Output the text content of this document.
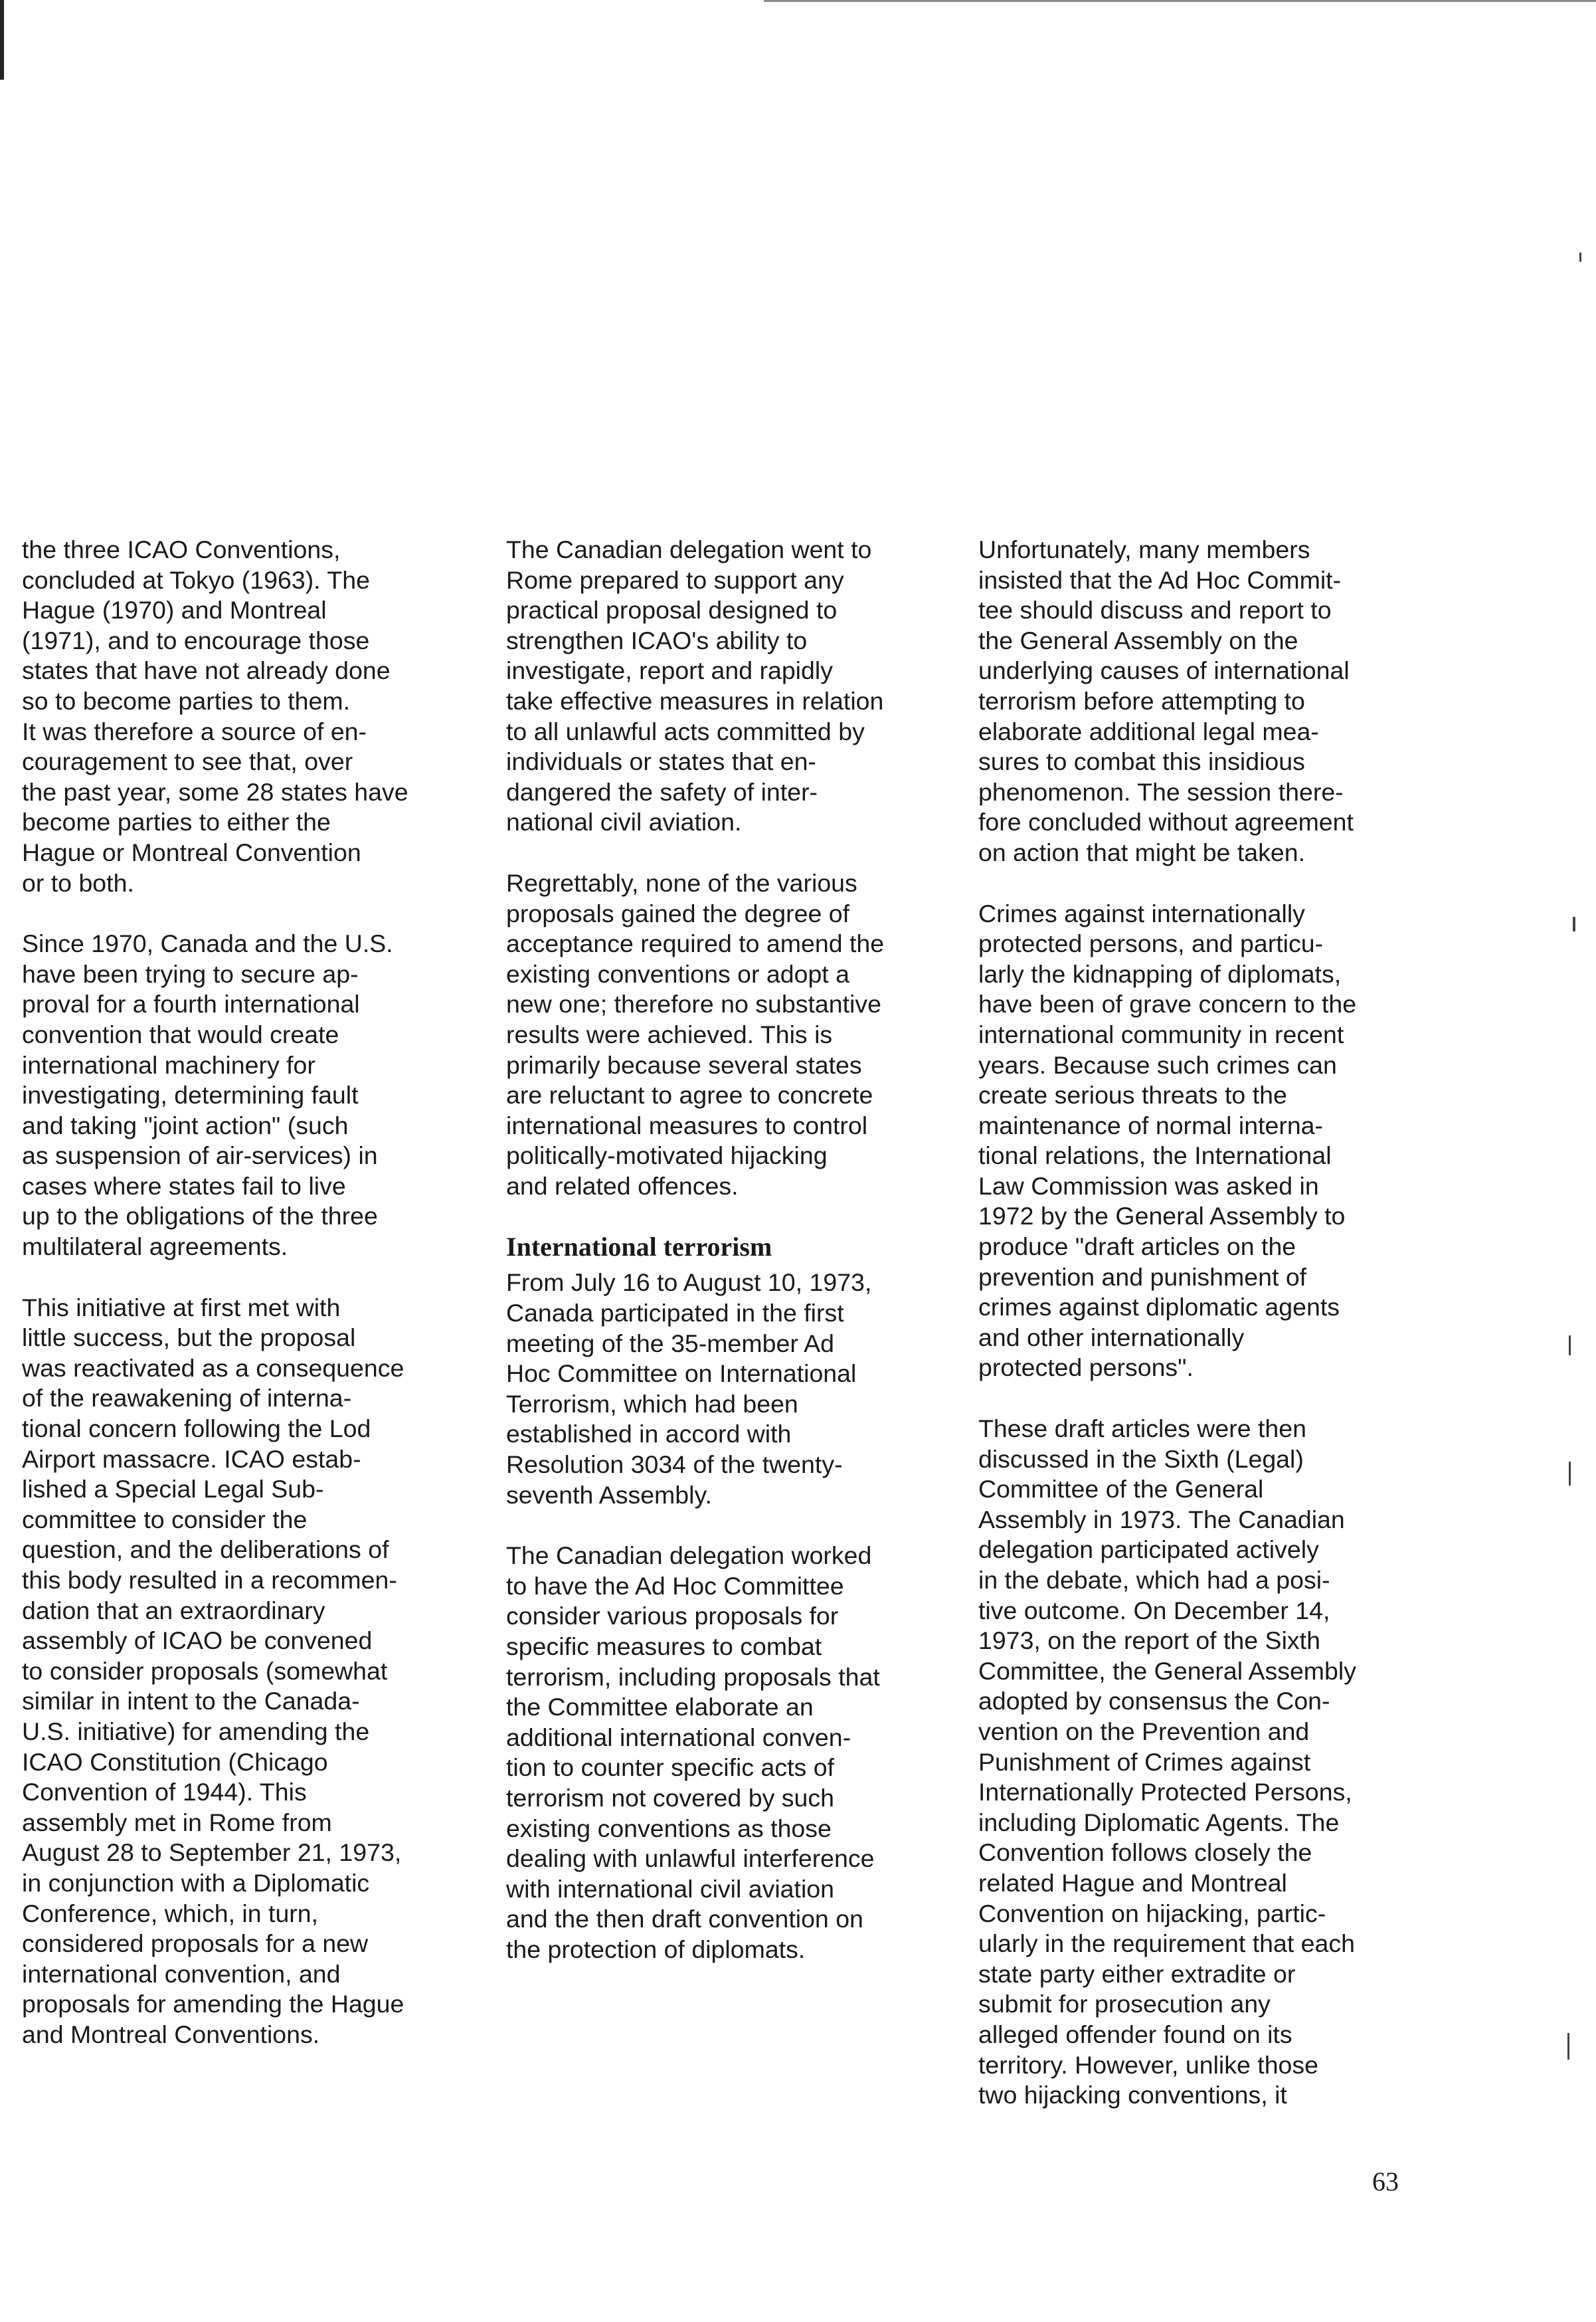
the three ICAO Conventions,
concluded at Tokyo (1963). The
Hague (1970) and Montreal
(1971), and to encourage those
states that have not already done
so to become parties to them.
It was therefore a source of en-
couragement to see that, over
the past year, some 28 states have
become parties to either the
Hague or Montreal Convention
or to both.

Since 1970, Canada and the U.S.
have been trying to secure ap-
proval for a fourth international
convention that would create
international machinery for
investigating, determining fault
and taking "joint action" (such
as suspension of air-services) in
cases where states fail to live
up to the obligations of the three
multilateral agreements.

This initiative at first met with
little success, but the proposal
was reactivated as a consequence
of the reawakening of interna-
tional concern following the Lod
Airport massacre. ICAO estab-
lished a Special Legal Sub-
committee to consider the
question, and the deliberations of
this body resulted in a recommen-
dation that an extraordinary
assembly of ICAO be convened
to consider proposals (somewhat
similar in intent to the Canada-
U.S. initiative) for amending the
ICAO Constitution (Chicago
Convention of 1944). This
assembly met in Rome from
August 28 to September 21, 1973,
in conjunction with a Diplomatic
Conference, which, in turn,
considered proposals for a new
international convention, and
proposals for amending the Hague
and Montreal Conventions.

The Canadian delegation went to
Rome prepared to support any
practical proposal designed to
strengthen ICAO's ability to
investigate, report and rapidly
take effective measures in relation
to all unlawful acts committed by
individuals or states that en-
dangered the safety of inter-
national civil aviation.

Regrettably, none of the various
proposals gained the degree of
acceptance required to amend the
existing conventions or adopt a
new one; therefore no substantive
results were achieved. This is
primarily because several states
are reluctant to agree to concrete
international measures to control
politically-motivated hijacking
and related offences.

International terrorism

From July 16 to August 10, 1973,
Canada participated in the first
meeting of the 35-member Ad
Hoc Committee on International
Terrorism, which had been
established in accord with
Resolution 3034 of the twenty-
seventh Assembly.

The Canadian delegation worked
to have the Ad Hoc Committee
consider various proposals for
specific measures to combat
terrorism, including proposals that
the Committee elaborate an
additional international conven-
tion to counter specific acts of
terrorism not covered by such
existing conventions as those
dealing with unlawful interference
with international civil aviation
and the then draft convention on
the protection of diplomats.

Unfortunately, many members
insisted that the Ad Hoc Commit-
tee should discuss and report to
the General Assembly on the
underlying causes of international
terrorism before attempting to
elaborate additional legal mea-
sures to combat this insidious
phenomenon. The session there-
fore concluded without agreement
on action that might be taken.

Crimes against internationally
protected persons, and particu-
larly the kidnapping of diplomats,
have been of grave concern to the
international community in recent
years. Because such crimes can
create serious threats to the
maintenance of normal interna-
tional relations, the International
Law Commission was asked in
1972 by the General Assembly to
produce "draft articles on the
prevention and punishment of
crimes against diplomatic agents
and other internationally
protected persons".

These draft articles were then
discussed in the Sixth (Legal)
Committee of the General
Assembly in 1973. The Canadian
delegation participated actively
in the debate, which had a posi-
tive outcome. On December 14,
1973, on the report of the Sixth
Committee, the General Assembly
adopted by consensus the Con-
vention on the Prevention and
Punishment of Crimes against
Internationally Protected Persons,
including Diplomatic Agents. The
Convention follows closely the
related Hague and Montreal
Convention on hijacking, partic-
ularly in the requirement that each
state party either extradite or
submit for prosecution any
alleged offender found on its
territory. However, unlike those
two hijacking conventions, it

63
